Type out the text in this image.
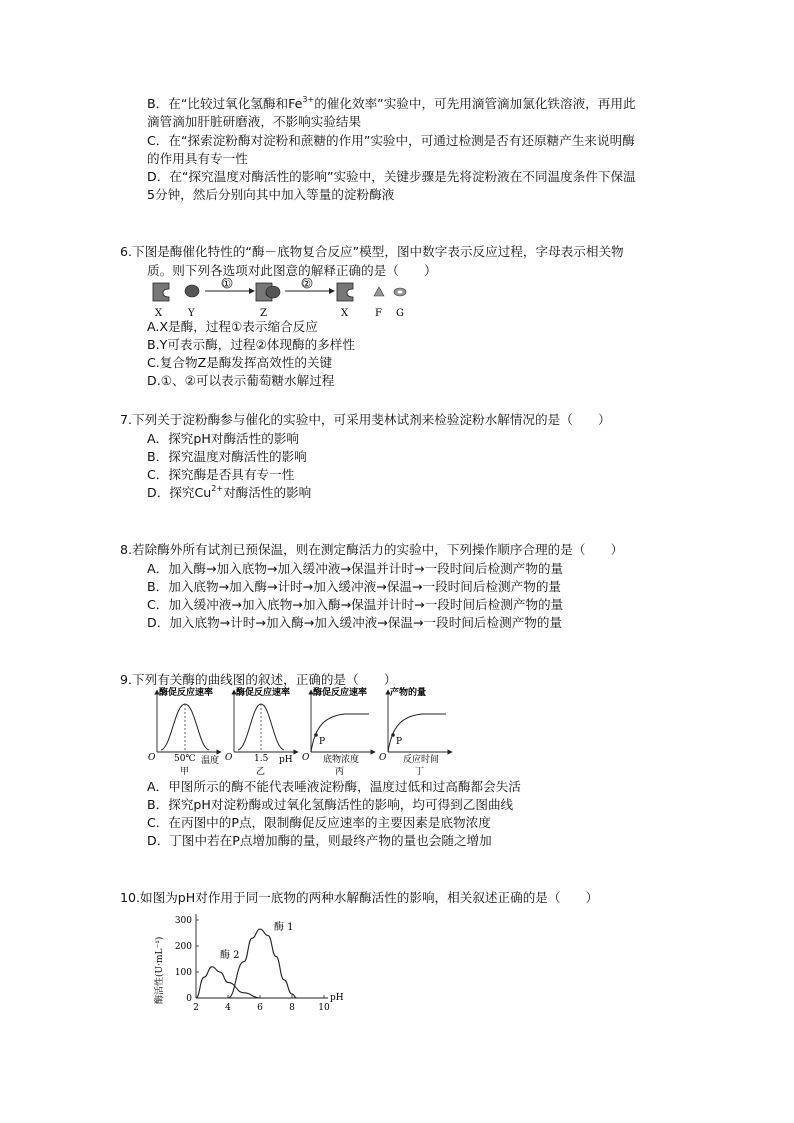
B．在“比较过氧化氢酶和$Fe^{3+}$的催化效率”实验中，可先用滴管滴加氯化铁溶液，再用此
滴管滴加肝脏研磨液，不影响实验结果
C．在“探索淀粉酶对淀粉和蔗糖的作用”实验中，可通过检测是否有还原糖产生来说明酶
的作用具有专一性
D．在“探究温度对酶活性的影响”实验中，关键步骤是先将淀粉液在不同温度条件下保温
5分钟，然后分别向其中加入等量的淀粉酶液
6.下图是酶催化特性的“酶－底物复合反应”模型，图中数字表示反应过程，字母表示相关物
质。则下列各选项对此图意的解释正确的是（　　）
①	②
X	Y	Z	X	F G
A.X是酶，过程①表示缩合反应
B.Y可表示酶，过程②体现酶的多样性
C.复合物Z是酶发挥高效性的关键
D.①、②可以表示葡萄糖水解过程
7.下列关于淀粉酶参与催化的实验中，可采用斐林试剂来检验淀粉水解情况的是（　　）
A．探究pH对酶活性的影响
B．探究温度对酶活性的影响
C．探究酶是否具有专一性
D．探究$Cu^{2+}$对酶活性的影响
8.若除酶外所有试剂已预保温，则在测定酶活力的实验中，下列操作顺序合理的是（　　）
A．加入酶→加入底物→加入缓冲液→保温并计时→一段时间后检测产物的量
B．加入底物→加入酶→计时→加入缓冲液→保温→一段时间后检测产物的量
C．加入缓冲液→加入底物→加入酶→保温并计时→一段时间后检测产物的量
D．加入底物→计时→加入酶→加入缓冲液→保温→一段时间后检测产物的量
9.下列有关酶的曲线图的叙述，正确的是（　　）
酶促反应速率
O 50℃ 温度
甲
酶促反应速率
O 1.5 pH
乙
P
酶促反应速率
O 底物浓度
丙
P
产物的量
O 反应时间
丁
A．甲图所示的酶不能代表唾液淀粉酶，温度过低和过高酶都会失活
B．探究pH对淀粉酶或过氧化氢酶活性的影响，均可得到乙图曲线
C．在丙图中的P点，限制酶促反应速率的主要因素是底物浓度
D．丁图中若在P点增加酶的量，则最终产物的量也会随之增加
10.如图为pH对作用于同一底物的两种水解酶活性的影响，相关叙述正确的是（　　）
酶活性(U·mL⁻¹) 0
100
200
300
2	4	6	8	10
pH
酶 1
酶 2
